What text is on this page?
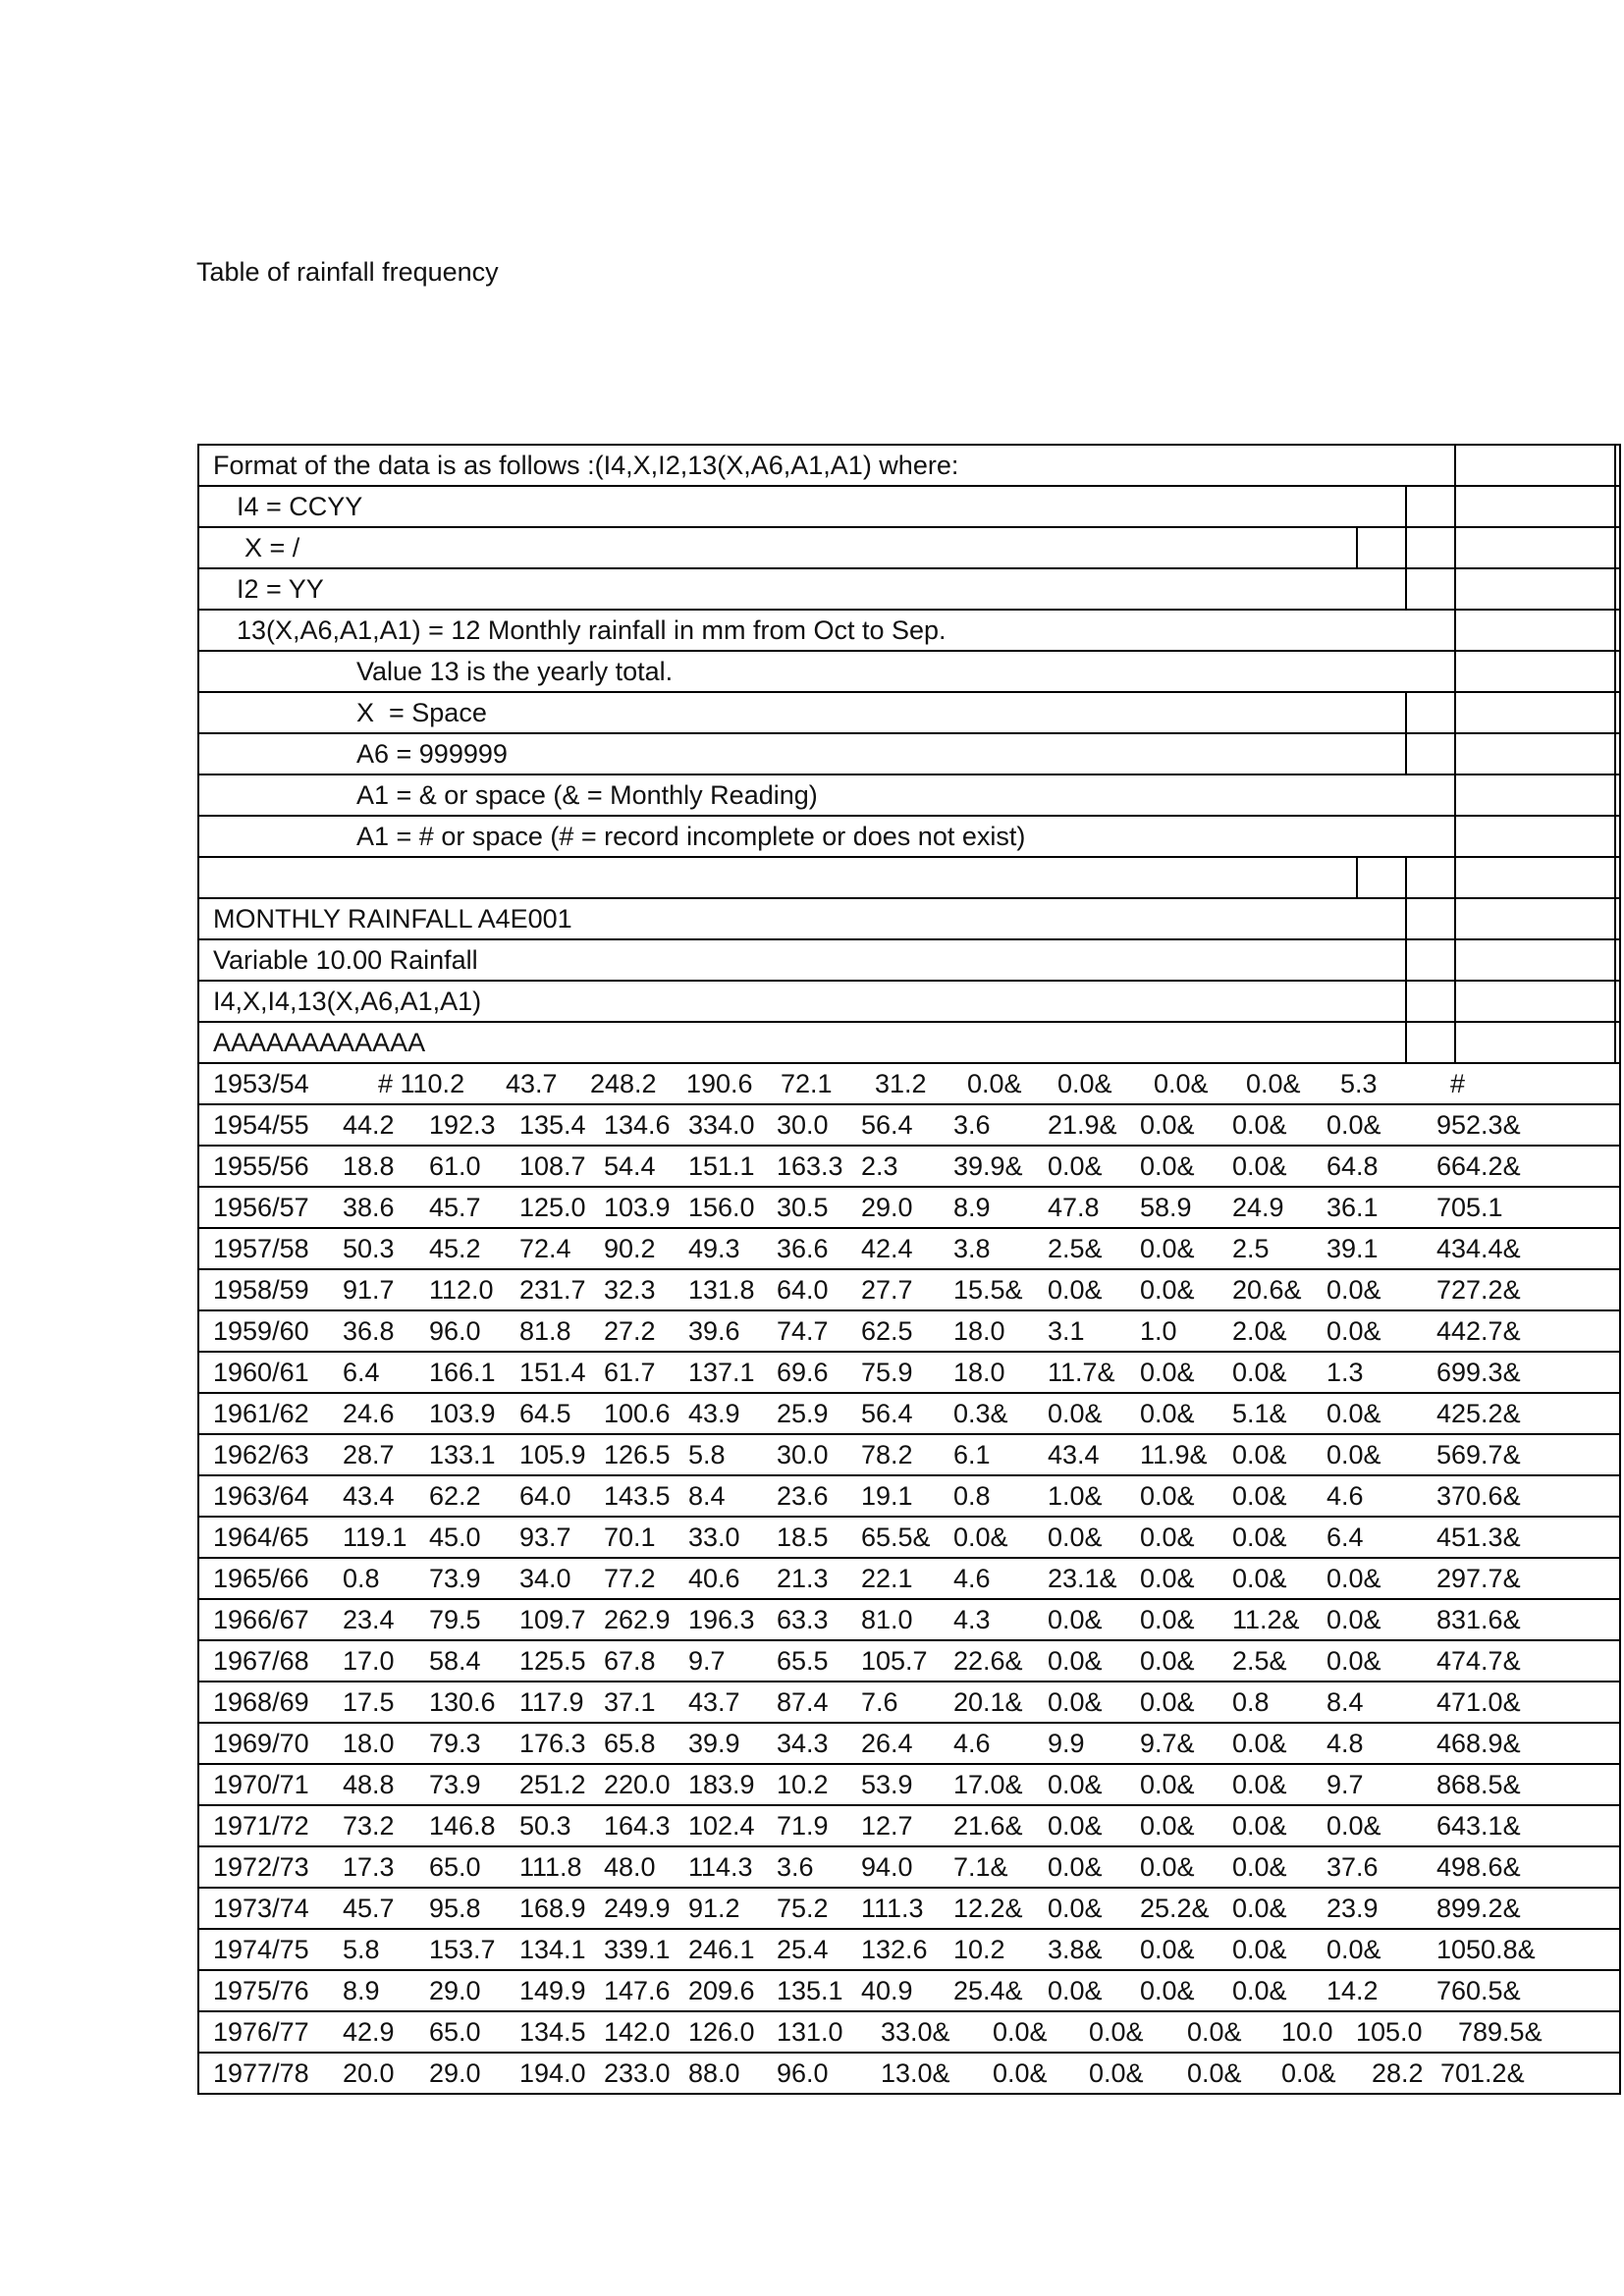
Table of rainfall frequency
Format of the data is as follows :(I4,X,I2,13(X,A6,A1,A1) where:
I4 = CCYY
X = /
I2 = YY
13(X,A6,A1,A1) = 12 Monthly rainfall in mm from Oct to Sep.
Value 13 is the yearly total.
X  = Space
A6 = 999999
A1 = & or space (& = Monthly Reading)
A1 = # or space (# = record incomplete or does not exist)
MONTHLY RAINFALL A4E001
Variable 10.00 Rainfall
I4,X,I4,13(X,A6,A1,A1)
AAAAAAAAAAAA
1953/54	# 110.2 43.7 248.2 190.6 72.1 31.2 0.0& 0.0& 0.0& 0.0& 5.3	#
1954/55 44.2 192.3 135.4 134.6 334.0 30.0 56.4 3.6 21.9& 0.0& 0.0& 0.0& 952.3&
1955/56 18.8 61.0 108.7 54.4 151.1 163.3 2.3 39.9& 0.0& 0.0& 0.0& 64.8 664.2&
1956/57 38.6 45.7 125.0 103.9 156.0 30.5 29.0 8.9 47.8 58.9 24.9 36.1 705.1
1957/58 50.3 45.2 72.4 90.2 49.3 36.6 42.4 3.8 2.5& 0.0& 2.5 39.1 434.4&
1958/59 91.7 112.0 231.7 32.3 131.8 64.0 27.7 15.5& 0.0& 0.0& 20.6& 0.0& 727.2&
1959/60 36.8 96.0 81.8 27.2 39.6 74.7 62.5 18.0 3.1 1.0 2.0& 0.0& 442.7&
1960/61 6.4 166.1 151.4 61.7 137.1 69.6 75.9 18.0 11.7& 0.0& 0.0& 1.3	699.3&
1961/62 24.6 103.9 64.5 100.6 43.9 25.9 56.4 0.3& 0.0& 0.0& 5.1& 0.0& 425.2&
1962/63 28.7 133.1 105.9 126.5 5.8 30.0 78.2 6.1 43.4 11.9& 0.0& 0.0& 569.7&
1963/64 43.4 62.2 64.0 143.5 8.4 23.6 19.1 0.8 1.0& 0.0& 0.0& 4.6	370.6&
1964/65 119.1 45.0 93.7 70.1 33.0 18.5 65.5& 0.0& 0.0& 0.0& 0.0& 6.4	451.3&
1965/66 0.8 73.9 34.0 77.2 40.6 21.3 22.1 4.6 23.1& 0.0& 0.0& 0.0& 297.7&
1966/67 23.4 79.5 109.7 262.9 196.3 63.3 81.0 4.3 0.0& 0.0& 11.2& 0.0& 831.6&
1967/68 17.0 58.4 125.5 67.8 9.7 65.5 105.7 22.6& 0.0& 0.0& 2.5& 0.0& 474.7&
1968/69 17.5 130.6 117.9 37.1 43.7 87.4 7.6 20.1& 0.0& 0.0& 0.8 8.4	471.0&
1969/70 18.0 79.3 176.3 65.8 39.9 34.3 26.4 4.6 9.9 9.7& 0.0& 4.8	468.9&
1970/71 48.8 73.9 251.2 220.0 183.9 10.2 53.9 17.0& 0.0& 0.0& 0.0& 9.7	868.5&
1971/72 73.2 146.8 50.3 164.3 102.4 71.9 12.7 21.6& 0.0& 0.0& 0.0& 0.0& 643.1&
1972/73 17.3 65.0 111.8 48.0 114.3 3.6 94.0 7.1& 0.0& 0.0& 0.0& 37.6 498.6&
1973/74 45.7 95.8 168.9 249.9 91.2 75.2 111.3 12.2& 0.0& 25.2& 0.0& 23.9 899.2&
1974/75 5.8 153.7 134.1 339.1 246.1 25.4 132.6 10.2 3.8& 0.0& 0.0& 0.0& 1050.8&
1975/76 8.9 29.0 149.9 147.6 209.6 135.1 40.9 25.4& 0.0& 0.0& 0.0& 14.2 760.5&
1976/77 42.9 65.0 134.5 142.0 126.0 131.0 33.0& 0.0& 0.0& 0.0& 10.0 105.0 789.5&
1977/78 20.0 29.0 194.0 233.0 88.0 96.0 13.0& 0.0& 0.0& 0.0& 0.0& 28.2 701.2&
